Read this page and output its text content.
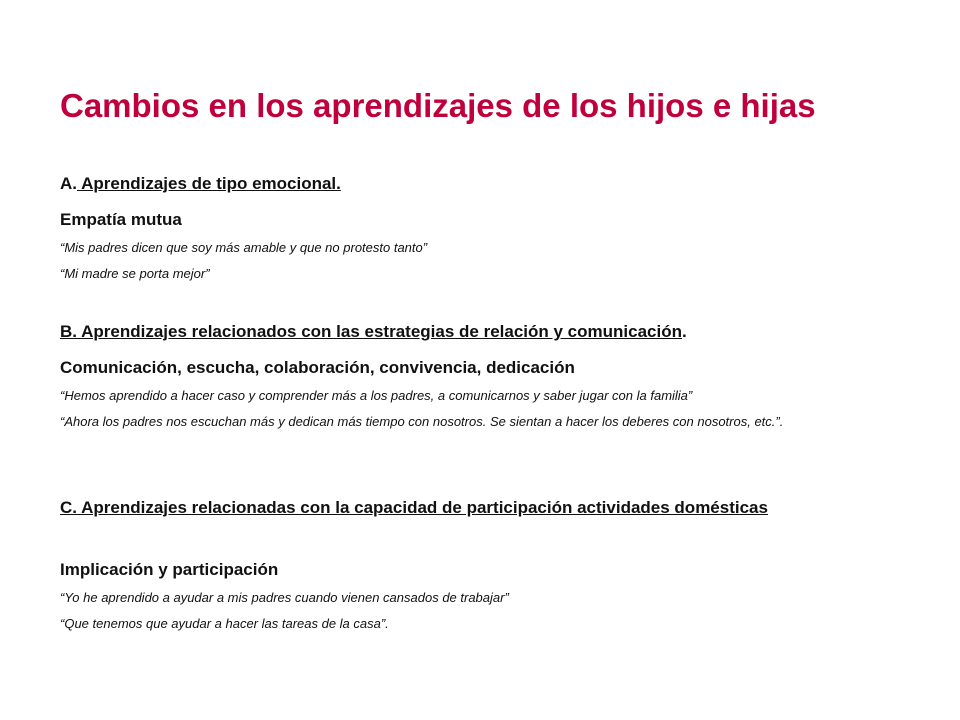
Cambios en los aprendizajes de los hijos e hijas
A. Aprendizajes de tipo emocional.
Empatía mutua
“Mis padres dicen que soy más amable y que no protesto tanto”
“Mi madre se porta mejor”
B. Aprendizajes relacionados con las estrategias de relación y comunicación.
Comunicación, escucha, colaboración, convivencia, dedicación
“Hemos aprendido a hacer caso y comprender más a los padres, a comunicarnos y saber jugar con la familia”
“Ahora los padres nos escuchan más y dedican más tiempo con nosotros. Se sientan a hacer los deberes con nosotros, etc.”.
C. Aprendizajes relacionadas con la capacidad de participación actividades domésticas
Implicación y participación
“Yo he aprendido a ayudar a mis padres cuando vienen cansados de trabajar”
“Que tenemos que ayudar a hacer las tareas de la casa”.
